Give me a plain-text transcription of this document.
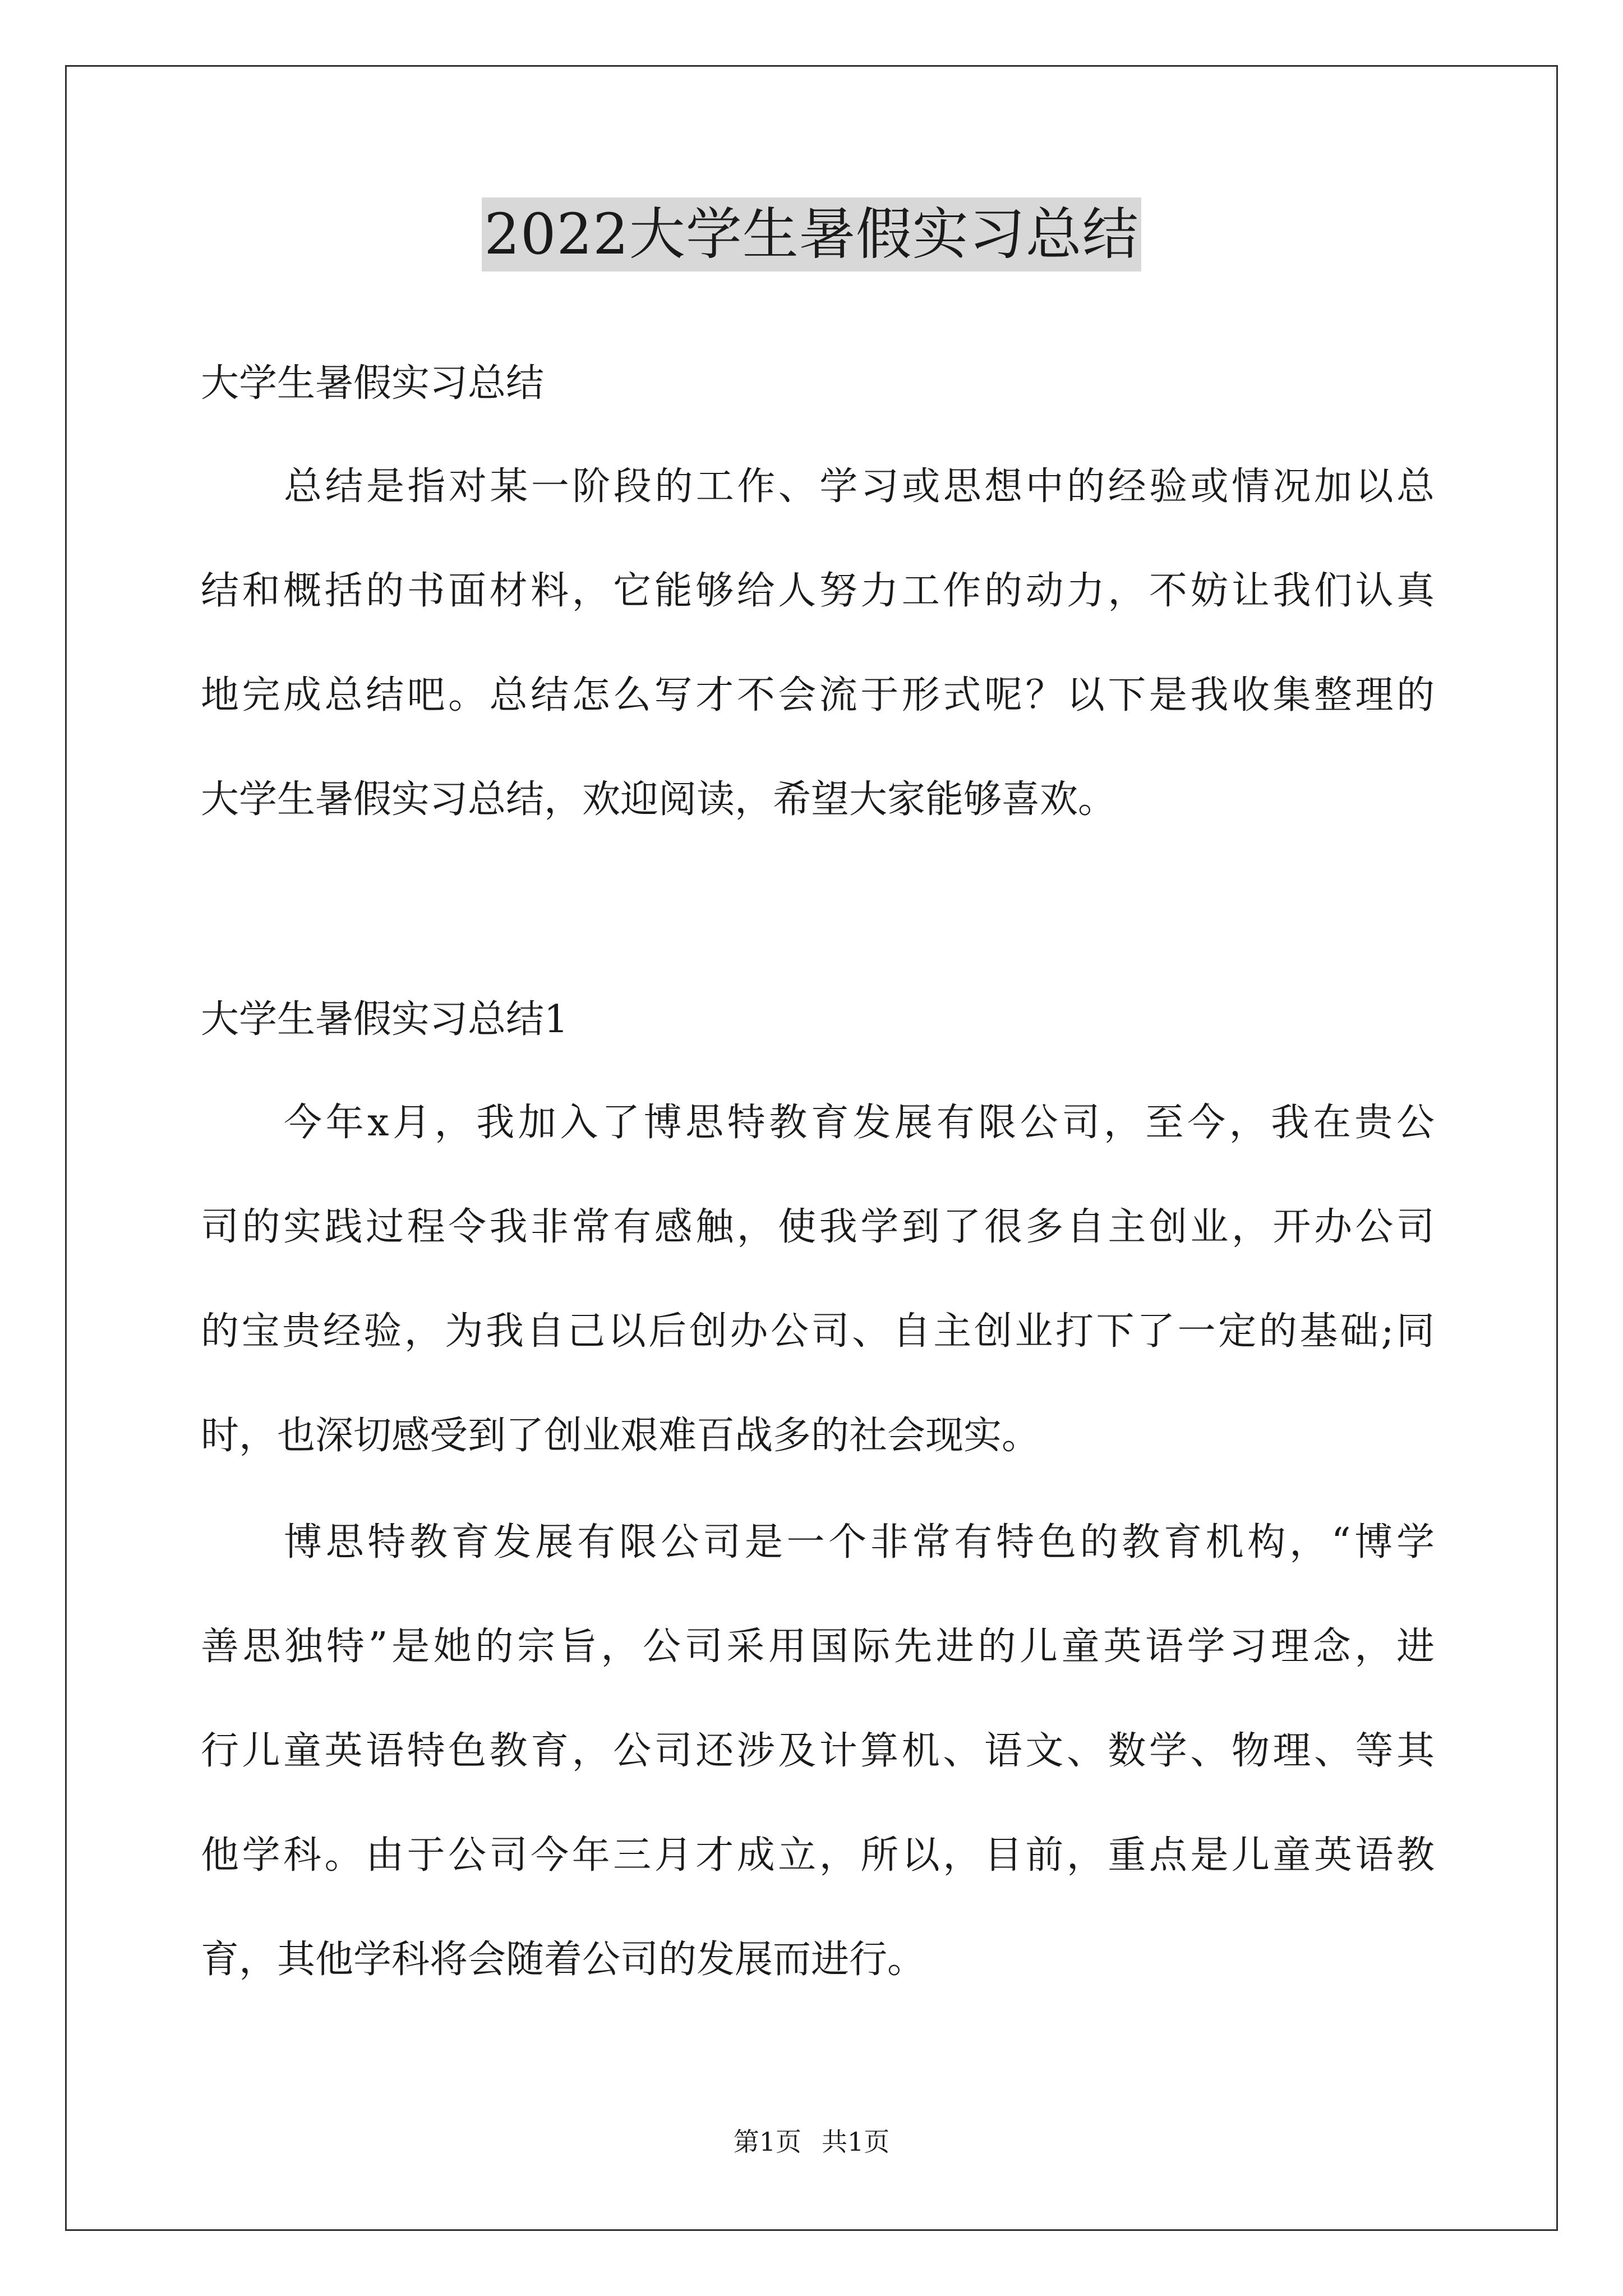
2022大学生暑假实习总结
大学生暑假实习总结
总结是指对某一阶段的工作、学习或思想中的经验或情况加以总
结和概括的书面材料，它能够给人努力工作的动力，不妨让我们认真
地完成总结吧。总结怎么写才不会流于形式呢？以下是我收集整理的
大学生暑假实习总结，欢迎阅读，希望大家能够喜欢。
大学生暑假实习总结1
今年x月，我加入了博思特教育发展有限公司，至今，我在贵公
司的实践过程令我非常有感触，使我学到了很多自主创业，开办公司
的宝贵经验，为我自己以后创办公司、自主创业打下了一定的基础;同
时，也深切感受到了创业艰难百战多的社会现实。
博思特教育发展有限公司是一个非常有特色的教育机构，“博学
善思独特”是她的宗旨，公司采用国际先进的儿童英语学习理念，进
行儿童英语特色教育，公司还涉及计算机、语文、数学、物理、等其
他学科。由于公司今年三月才成立，所以，目前，重点是儿童英语教
育，其他学科将会随着公司的发展而进行。
第1页 共1页
